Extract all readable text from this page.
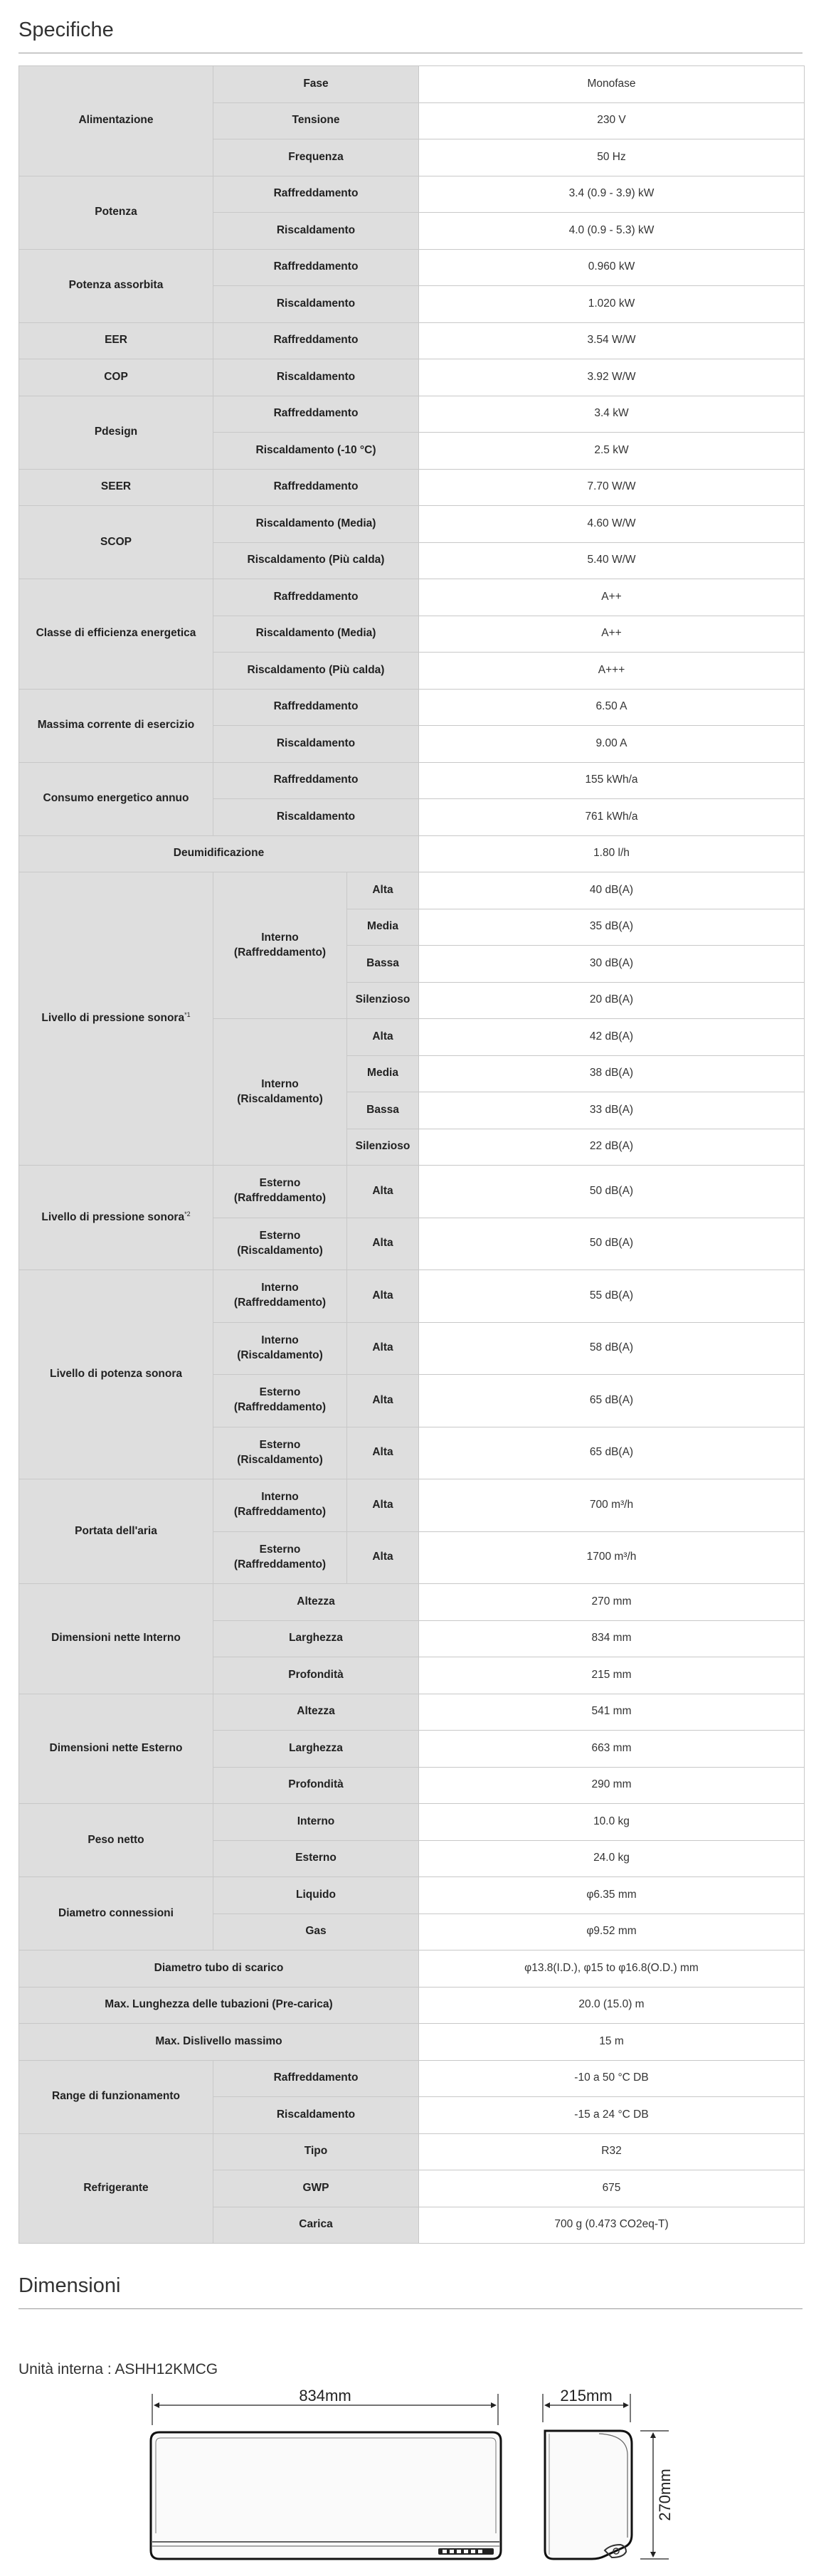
Specifiche
Alimentazione	Fase		Monofase
	Tensione		230 V
	Frequenza		50 Hz
Potenza	Raffreddamento		3.4 (0.9 - 3.9) kW
	Riscaldamento		4.0 (0.9 - 5.3) kW
Potenza assorbita	Raffreddamento		0.960 kW
	Riscaldamento		1.020 kW
EER	Raffreddamento		3.54 W/W
COP	Riscaldamento		3.92 W/W
Pdesign	Raffreddamento		3.4 kW
	Riscaldamento (-10 °C)		2.5 kW
SEER	Raffreddamento		7.70 W/W
SCOP	Riscaldamento (Media)		4.60 W/W
	Riscaldamento (Più calda)		5.40 W/W
Classe di efficienza energetica	Raffreddamento		A++
	Riscaldamento (Media)		A++
	Riscaldamento (Più calda)		A+++
Massima corrente di esercizio	Raffreddamento		6.50 A
	Riscaldamento		9.00 A
Consumo energetico annuo	Raffreddamento		155 kWh/a
	Riscaldamento		761 kWh/a
Deumidificazione			1.80 l/h
Livello di pressione sonora$^{*1}$	Interno (Raffreddamento)	Alta	40 dB(A)
		Media	35 dB(A)
		Bassa	30 dB(A)
		Silenzioso	20 dB(A)
	Interno (Riscaldamento)	Alta	42 dB(A)
		Media	38 dB(A)
		Bassa	33 dB(A)
		Silenzioso	22 dB(A)
Livello di pressione sonora$^{*2}$	Esterno (Raffreddamento)	Alta	50 dB(A)
	Esterno (Riscaldamento)	Alta	50 dB(A)
Livello di potenza sonora	Interno (Raffreddamento)	Alta	55 dB(A)
	Interno (Riscaldamento)	Alta	58 dB(A)
	Esterno (Raffreddamento)	Alta	65 dB(A)
	Esterno (Riscaldamento)	Alta	65 dB(A)
Portata dell'aria	Interno (Raffreddamento)	Alta	700 m³/h
	Esterno (Raffreddamento)	Alta	1700 m³/h
Dimensioni nette Interno	Altezza		270 mm
	Larghezza		834 mm
	Profondità		215 mm
Dimensioni nette Esterno	Altezza		541 mm
	Larghezza		663 mm
	Profondità		290 mm
Peso netto	Interno		10.0 kg
	Esterno		24.0 kg
Diametro connessioni	Liquido		φ6.35 mm
	Gas		φ9.52 mm
Diametro tubo di scarico			φ13.8(I.D.), φ15 to φ16.8(O.D.) mm
Max. Lunghezza delle tubazioni (Pre-carica)			20.0 (15.0) m
Max. Dislivello massimo			15 m
Range di funzionamento	Raffreddamento		-10 a 50 °C DB
	Riscaldamento		-15 a 24 °C DB
Refrigerante	Tipo		R32
	GWP		675
	Carica		700 g (0.473 CO2eq-T)
Dimensioni
Unità interna : ASHH12KMCG
834mm	215mm
270mm
